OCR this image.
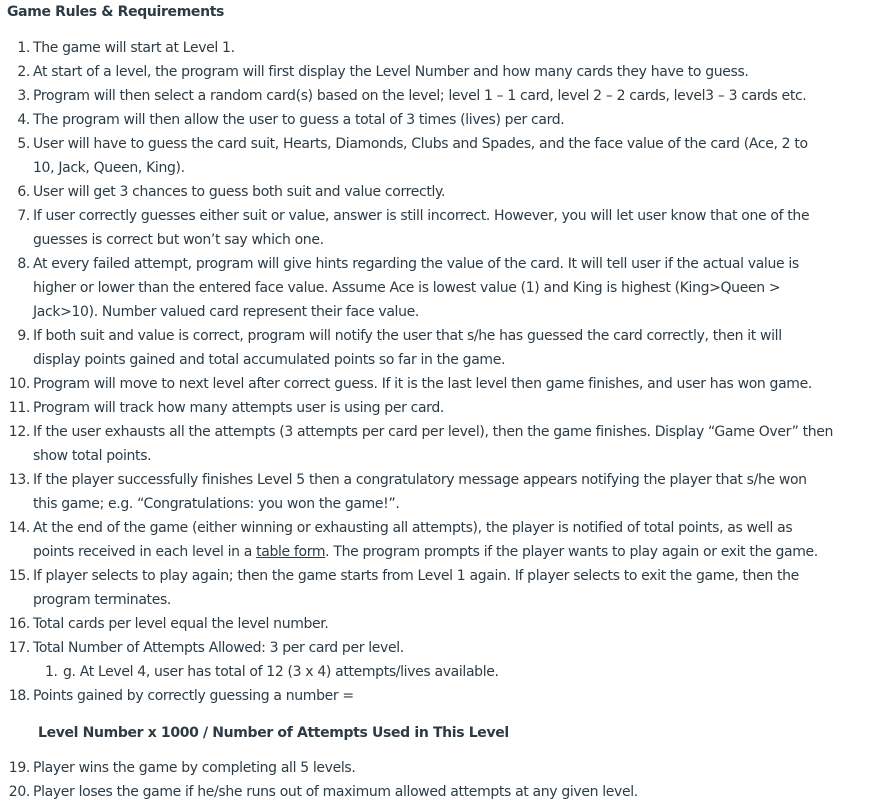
Game Rules & Requirements
1. The game will start at Level 1.
2. At start of a level, the program will first display the Level Number and how many cards they have to guess.
3. Program will then select a random card(s) based on the level; level 1 – 1 card, level 2 – 2 cards, level3 – 3 cards etc.
4. The program will then allow the user to guess a total of 3 times (lives) per card.
5. User will have to guess the card suit, Hearts, Diamonds, Clubs and Spades, and the face value of the card (Ace, 2 to
10, Jack, Queen, King).
6. User will get 3 chances to guess both suit and value correctly.
7. If user correctly guesses either suit or value, answer is still incorrect. However, you will let user know that one of the
guesses is correct but won’t say which one.
8. At every failed attempt, program will give hints regarding the value of the card. It will tell user if the actual value is
higher or lower than the entered face value. Assume Ace is lowest value (1) and King is highest (King>Queen >
Jack>10). Number valued card represent their face value.
9. If both suit and value is correct, program will notify the user that s/he has guessed the card correctly, then it will
display points gained and total accumulated points so far in the game.
10. Program will move to next level after correct guess. If it is the last level then game finishes, and user has won game.
11. Program will track how many attempts user is using per card.
12. If the user exhausts all the attempts (3 attempts per card per level), then the game finishes. Display “Game Over” then
show total points.
13. If the player successfully finishes Level 5 then a congratulatory message appears notifying the player that s/he won
this game; e.g. “Congratulations: you won the game!”.
14. At the end of the game (either winning or exhausting all attempts), the player is notified of total points, as well as
points received in each level in a table form. The program prompts if the player wants to play again or exit the game.
15. If player selects to play again; then the game starts from Level 1 again. If player selects to exit the game, then the
program terminates.
16. Total cards per level equal the level number.
17. Total Number of Attempts Allowed: 3 per card per level.
1. g. At Level 4, user has total of 12 (3 x 4) attempts/lives available.
18. Points gained by correctly guessing a number =
Level Number x 1000 / Number of Attempts Used in This Level
19. Player wins the game by completing all 5 levels.
20. Player loses the game if he/she runs out of maximum allowed attempts at any given level.
